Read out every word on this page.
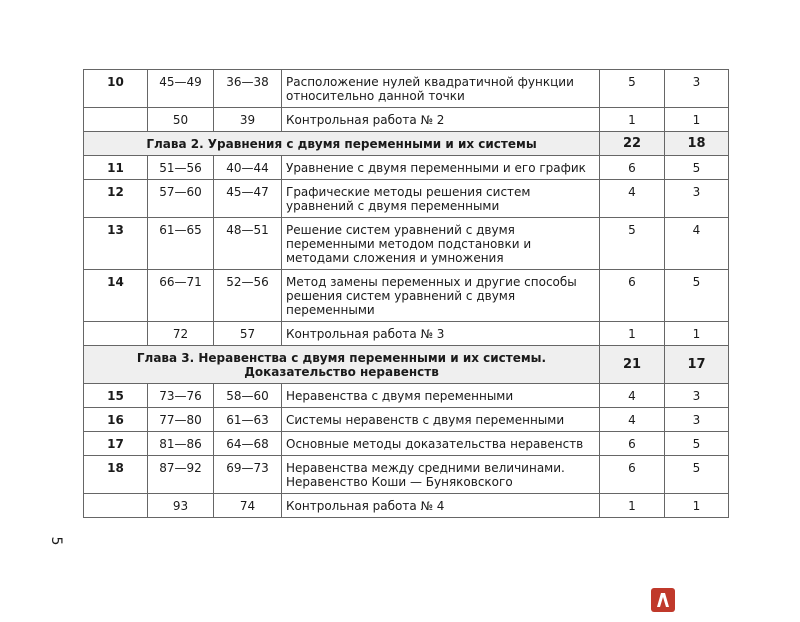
10	45—49	36—38	Расположение нулей квадратичной функции относительно данной точки	5	3
	50	39	Контрольная работа № 2	1	1
Глава 2. Уравнения с двумя переменными и их системы				22	18
11	51—56	40—44	Уравнение с двумя переменными и его график	6	5
12	57—60	45—47	Графические методы решения систем уравнений с двумя переменными	4	3
13	61—65	48—51	Решение систем уравнений с двумя переменными методом подстановки и методами сложения и умножения	5	4
14	66—71	52—56	Метод замены переменных и другие способы решения систем уравнений с двумя переменными	6	5
	72	57	Контрольная работа № 3	1	1
Глава 3. Неравенства с двумя переменными и их системы. Доказательство неравенств				21	17
15	73—76	58—60	Неравенства с двумя переменными	4	3
16	77—80	61—63	Системы неравенств с двумя переменными	4	3
17	81—86	64—68	Основные методы доказательства неравенств	6	5
18	87—92	69—73	Неравенства между средними величинами. Неравенство Коши — Буняковского	6	5
	93	74	Контрольная работа № 4	1	1
5
